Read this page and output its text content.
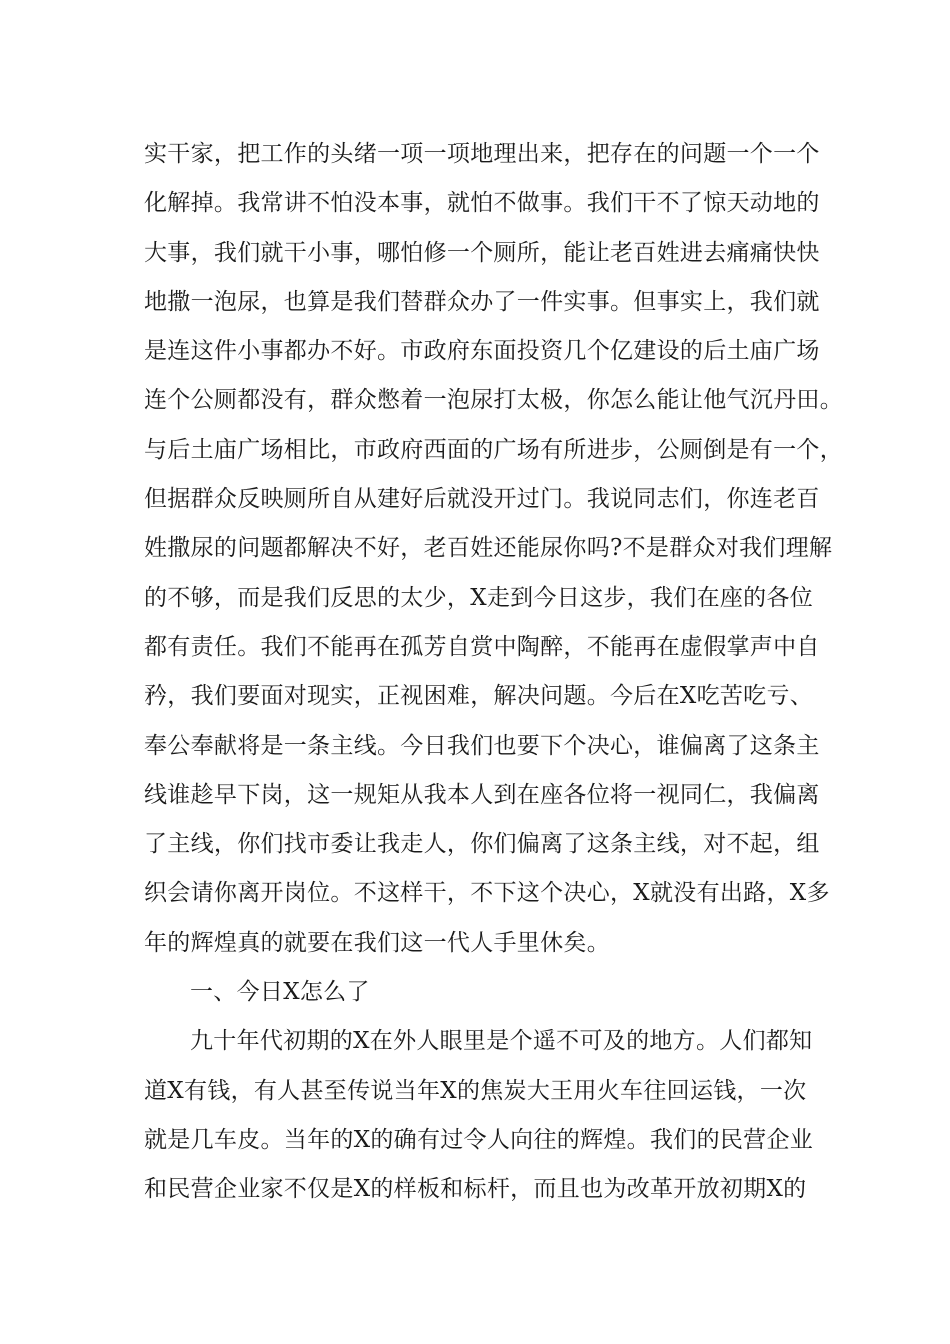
实干家，把工作的头绪一项一项地理出来，把存在的问题一个一个
化解掉。我常讲不怕没本事，就怕不做事。我们干不了惊天动地的
大事，我们就干小事，哪怕修一个厕所，能让老百姓进去痛痛快快
地撒一泡尿，也算是我们替群众办了一件实事。但事实上，我们就
是连这件小事都办不好。市政府东面投资几个亿建设的后土庙广场
连个公厕都没有，群众憋着一泡尿打太极，你怎么能让他气沉丹田。
与后土庙广场相比，市政府西面的广场有所进步，公厕倒是有一个，
但据群众反映厕所自从建好后就没开过门。我说同志们，你连老百
姓撒尿的问题都解决不好，老百姓还能尿你吗?不是群众对我们理解
的不够，而是我们反思的太少，X走到今日这步，我们在座的各位
都有责任。我们不能再在孤芳自赏中陶醉，不能再在虚假掌声中自
矜，我们要面对现实，正视困难，解决问题。今后在X吃苦吃亏、
奉公奉献将是一条主线。今日我们也要下个决心，谁偏离了这条主
线谁趁早下岗，这一规矩从我本人到在座各位将一视同仁，我偏离
了主线，你们找市委让我走人，你们偏离了这条主线，对不起，组
织会请你离开岗位。不这样干，不下这个决心，X就没有出路，X多
年的辉煌真的就要在我们这一代人手里休矣。
一、今日X怎么了
九十年代初期的X在外人眼里是个遥不可及的地方。人们都知
道X有钱，有人甚至传说当年X的焦炭大王用火车往回运钱，一次
就是几车皮。当年的X的确有过令人向往的辉煌。我们的民营企业
和民营企业家不仅是X的样板和标杆，而且也为改革开放初期X的
